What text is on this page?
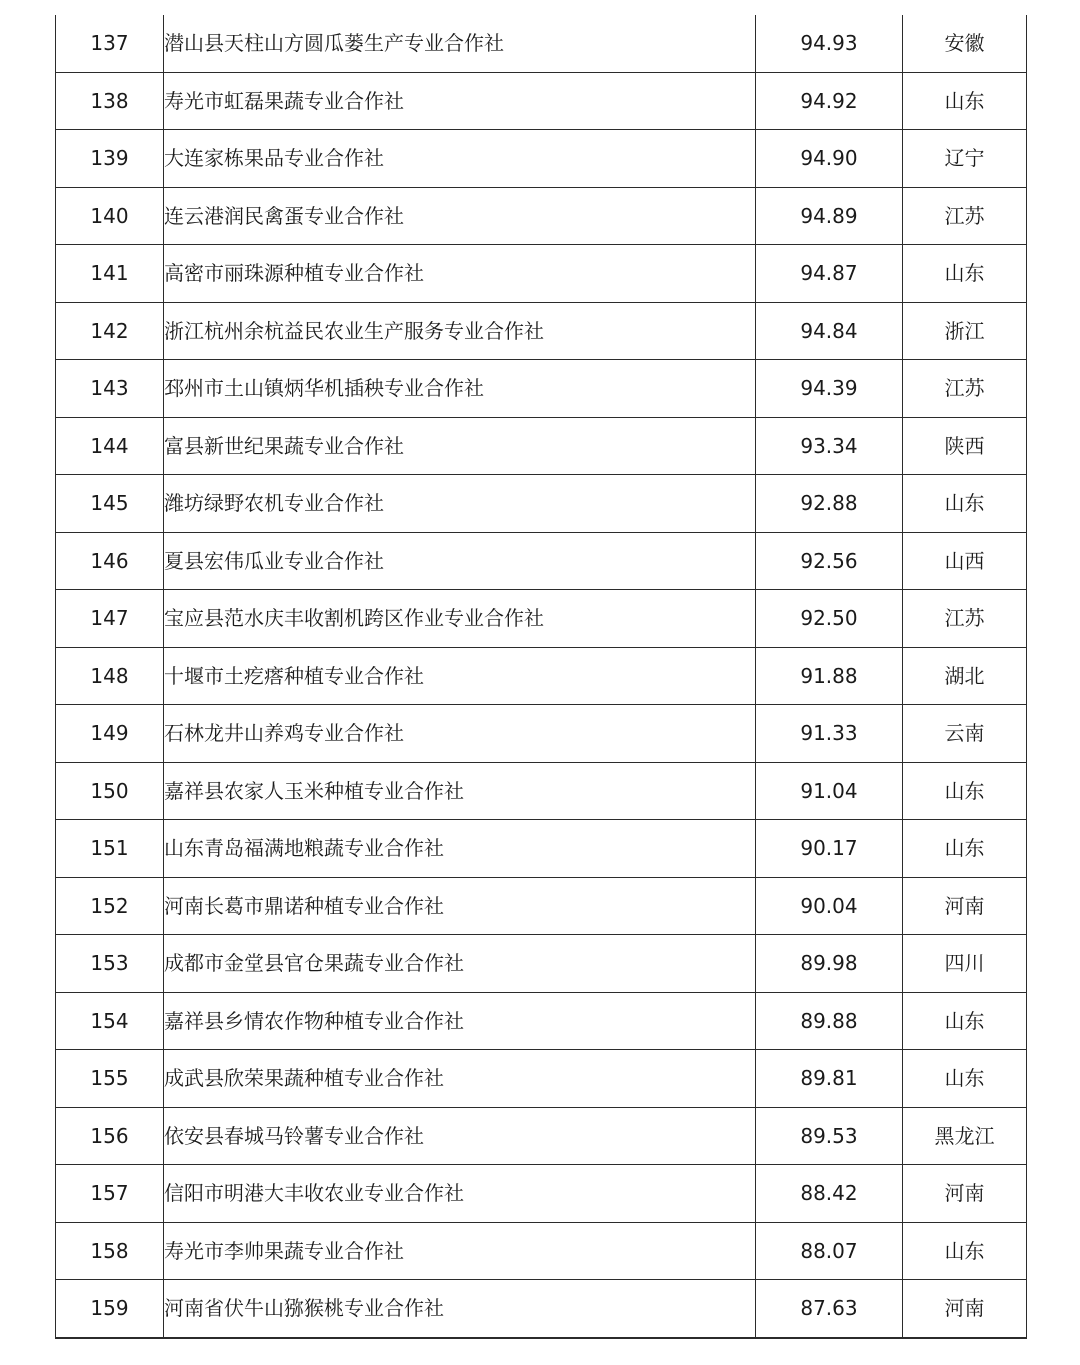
137	潜山县天柱山方圆瓜蒌生产专业合作社	94.93	安徽
138	寿光市虹磊果蔬专业合作社	94.92	山东
139	大连家栋果品专业合作社	94.90	辽宁
140	连云港润民禽蛋专业合作社	94.89	江苏
141	高密市丽珠源种植专业合作社	94.87	山东
142	浙江杭州余杭益民农业生产服务专业合作社	94.84	浙江
143	邳州市土山镇炳华机插秧专业合作社	94.39	江苏
144	富县新世纪果蔬专业合作社	93.34	陕西
145	潍坊绿野农机专业合作社	92.88	山东
146	夏县宏伟瓜业专业合作社	92.56	山西
147	宝应县范水庆丰收割机跨区作业专业合作社	92.50	江苏
148	十堰市土疙瘩种植专业合作社	91.88	湖北
149	石林龙井山养鸡专业合作社	91.33	云南
150	嘉祥县农家人玉米种植专业合作社	91.04	山东
151	山东青岛福满地粮蔬专业合作社	90.17	山东
152	河南长葛市鼎诺种植专业合作社	90.04	河南
153	成都市金堂县官仓果蔬专业合作社	89.98	四川
154	嘉祥县乡情农作物种植专业合作社	89.88	山东
155	成武县欣荣果蔬种植专业合作社	89.81	山东
156	依安县春城马铃薯专业合作社	89.53	黑龙江
157	信阳市明港大丰收农业专业合作社	88.42	河南
158	寿光市李帅果蔬专业合作社	88.07	山东
159	河南省伏牛山猕猴桃专业合作社	87.63	河南
